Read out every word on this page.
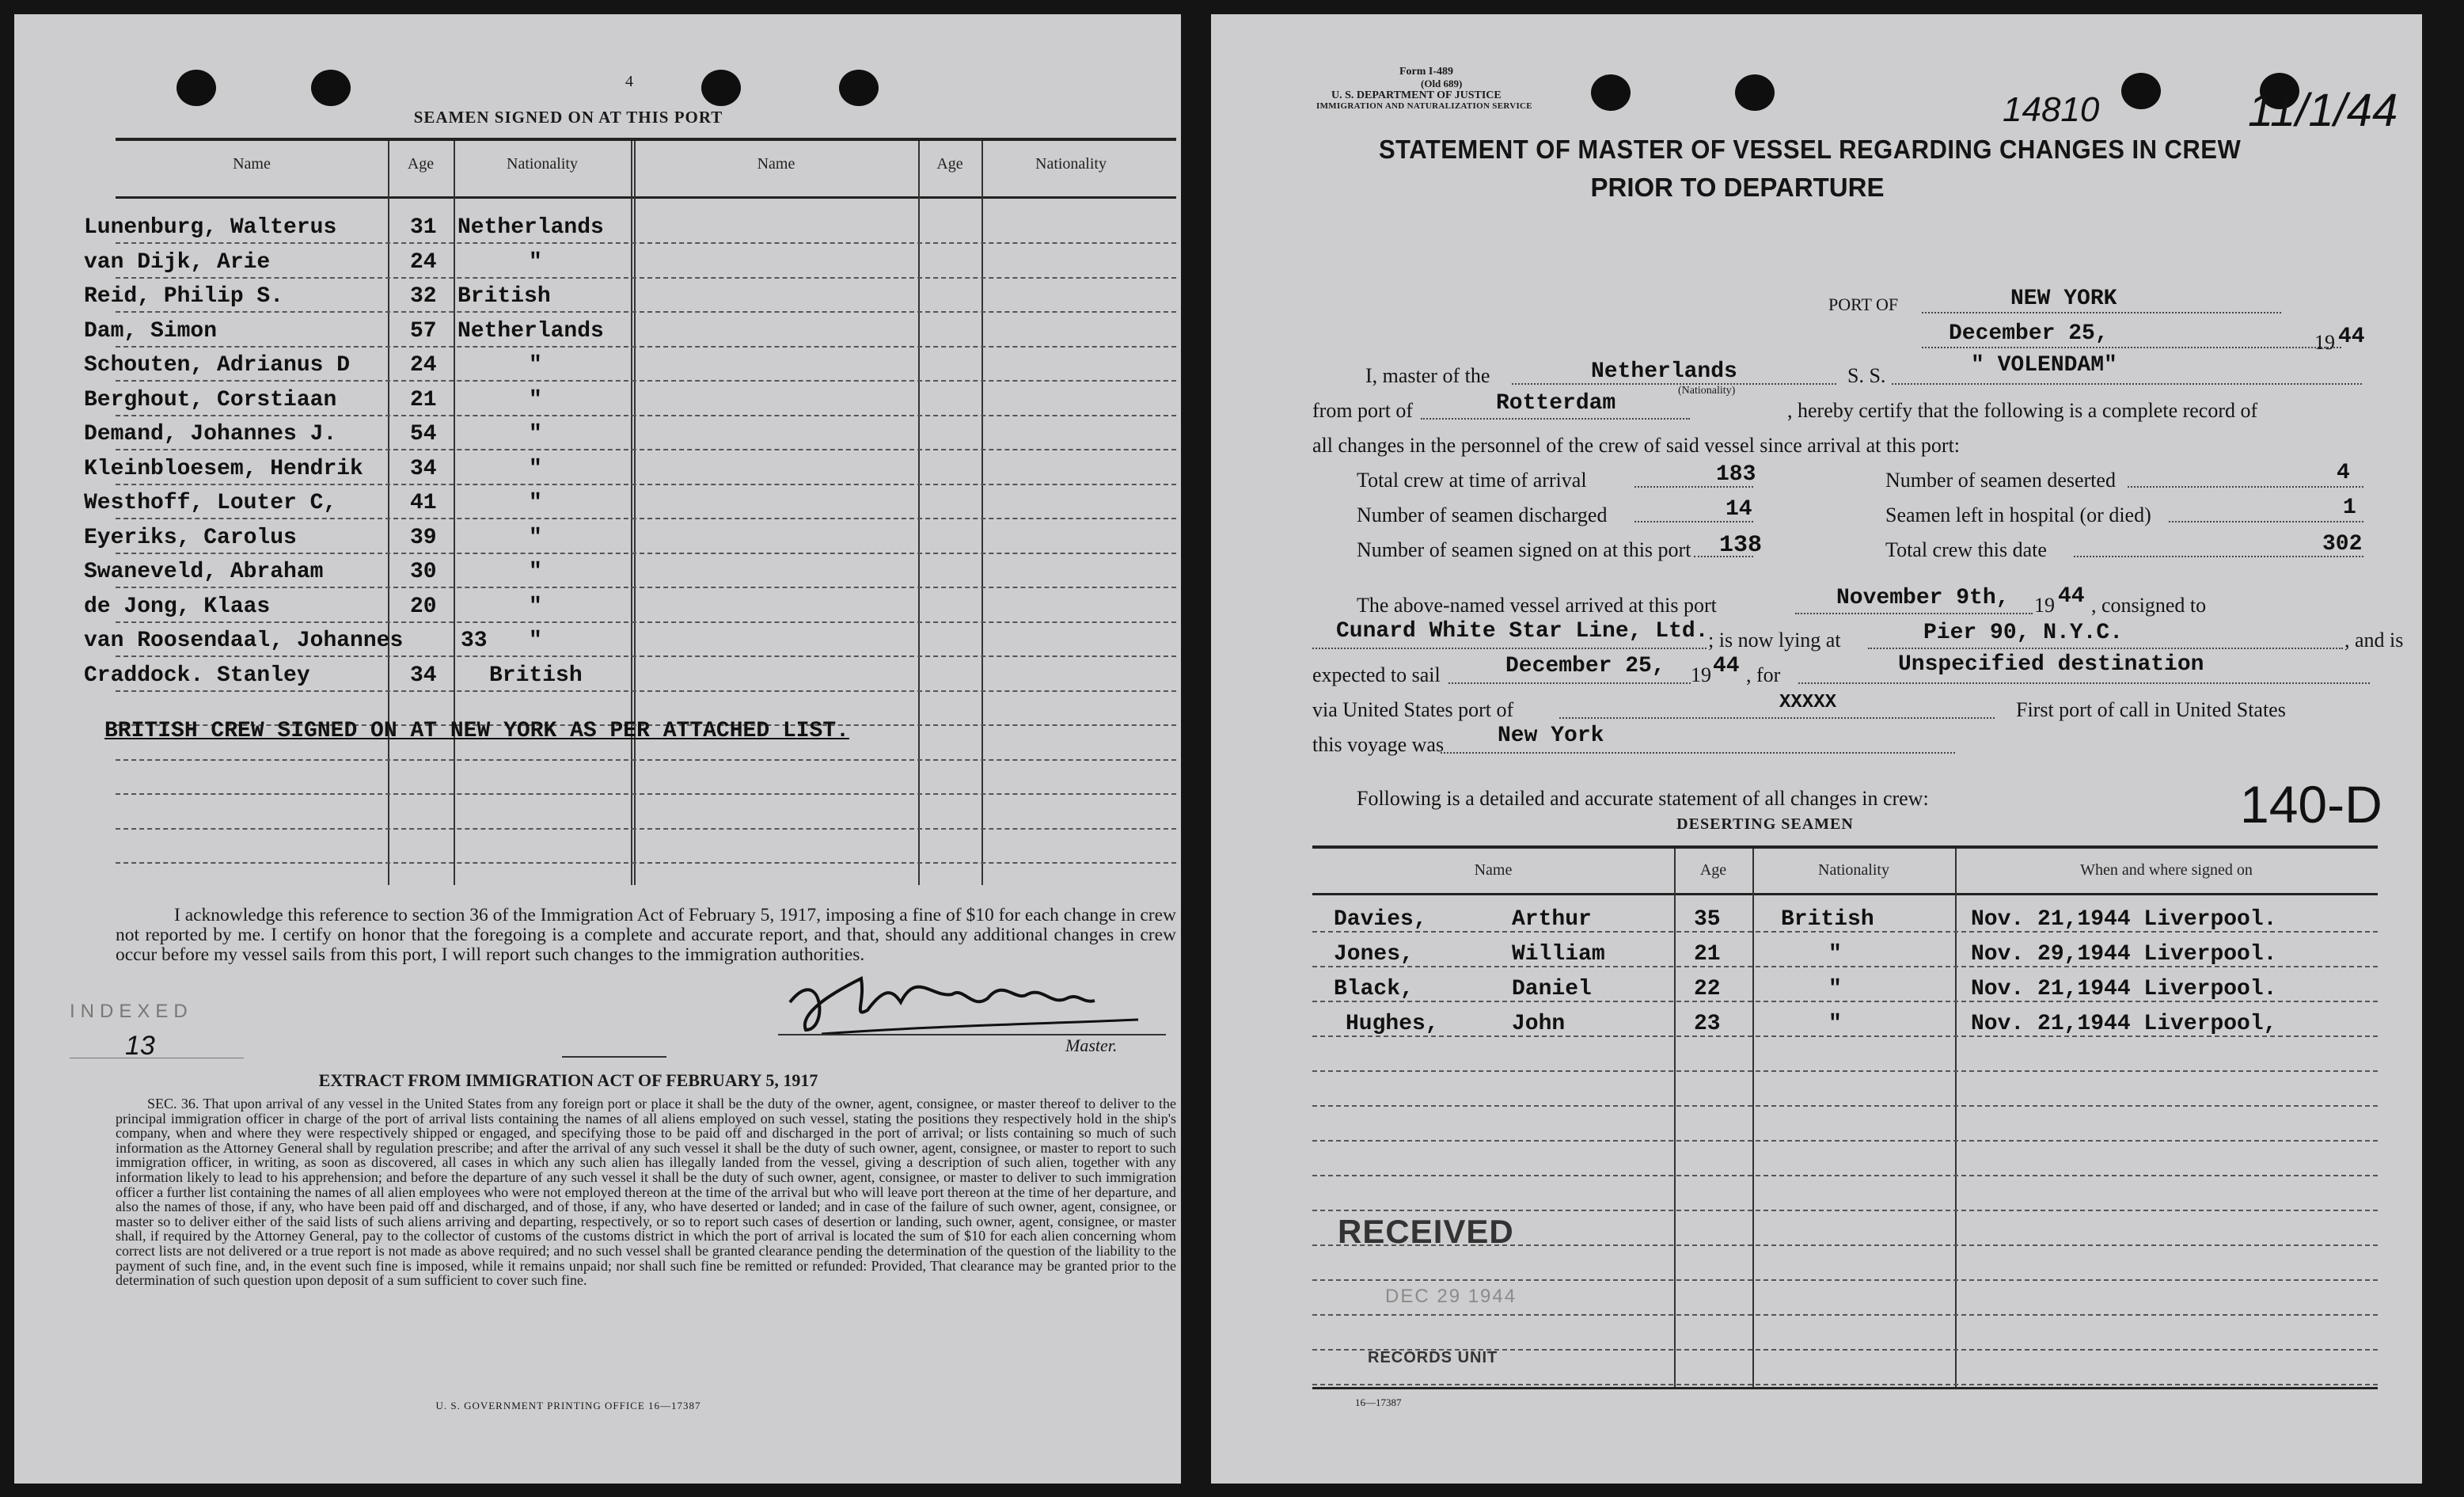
4
SEAMEN SIGNED ON AT THIS PORT
Name	Age	Nationality	Name	Age	Nationality
Lunenburg, Walterus	31 Netherlands
van Dijk, Arie	24	"
Reid, Philip S.	32 British
Dam, Simon	57 Netherlands
Schouten, Adrianus D	24	"
Berghout, Corstiaan	21	"
Demand, Johannes J.	54	"
Kleinbloesem, Hendrik 34	"
Westhoff, Louter C,	41	"
Eyeriks, Carolus	39	"
Swaneveld, Abraham	30	"
de Jong, Klaas	20	"
van Roosendaal, Johannes	33 "
Craddock. Stanley	34 British
BRITISH CREW SIGNED ON AT NEW YORK AS PER ATTACHED LIST.
I acknowledge this reference to section 36 of the Immigration Act of February 5, 1917, imposing a fine of $10 for each change in crew not reported by me. I certify on honor that the foregoing is a complete and accurate report, and that, should any additional changes in crew occur before my vessel sails from this port, I will report such changes to the immigration authorities.
INDEXED
13	Master.
EXTRACT FROM IMMIGRATION ACT OF FEBRUARY 5, 1917
SEC. 36. That upon arrival of any vessel in the United States from any foreign port or place it shall be the duty of the owner, agent, consignee, or master thereof to deliver to the principal immigration officer in charge of the port of arrival lists containing the names of all aliens employed on such vessel, stating the positions they respectively hold in the ship's company, when and where they were respectively shipped or engaged, and specifying those to be paid off and discharged in the port of arrival; or lists containing so much of such information as the Attorney General shall by regulation prescribe; and after the arrival of any such vessel it shall be the duty of such owner, agent, consignee, or master to report to such immigration officer, in writing, as soon as discovered, all cases in which any such alien has illegally landed from the vessel, giving a description of such alien, together with any information likely to lead to his apprehension; and before the departure of any such vessel it shall be the duty of such owner, agent, consignee, or master to deliver to such immigration officer a further list containing the names of all alien employees who were not employed thereon at the time of the arrival but who will leave port thereon at the time of her departure, and also the names of those, if any, who have been paid off and discharged, and of those, if any, who have deserted or landed; and in case of the failure of such owner, agent, consignee, or master so to deliver either of the said lists of such aliens arriving and departing, respectively, or so to report such cases of desertion or landing, such owner, agent, consignee, or master shall, if required by the Attorney General, pay to the collector of customs of the customs district in which the port of arrival is located the sum of $10 for each alien concerning whom correct lists are not delivered or a true report is not made as above required; and no such vessel shall be granted clearance pending the determination of the question of the liability to the payment of such fine, and, in the event such fine is imposed, while it remains unpaid; nor shall such fine be remitted or refunded: Provided, That clearance may be granted prior to the determination of such question upon deposit of a sum sufficient to cover such fine.
U. S. GOVERNMENT PRINTING OFFICE 16—17387
Form I-489
(Old 689)
U. S. DEPARTMENT OF JUSTICE
IMMIGRATION AND NATURALIZATION SERVICE	14810	11/1/44
STATEMENT OF MASTER OF VESSEL REGARDING CHANGES IN CREW
PRIOR TO DEPARTURE
PORT OF	NEW YORK
December 25,	19 44
I, master of the	Netherlands
(Nationality)
S. S.	" VOLENDAM"
from port of	Rotterdam	, hereby certify that the following is a complete record of
all changes in the personnel of the crew of said vessel since arrival at this port:
Total crew at time of arrival	183
Number of seamen discharged	14
Number of seamen signed on at this port 138
Number of seamen deserted	4
Seamen left in hospital (or died)	1
Total crew this date	302
The above-named vessel arrived at this port	November 9th, 19 44 , consigned to
Cunard White Star Line, Ltd. ; is now lying at	Pier 90, N.Y.C.	, and is
expected to sail	December 25, 19 44 , for	Unspecified destination
via United States port of	XXXXX	First port of call in United States
this voyage was New York
Following is a detailed and accurate statement of all changes in crew:	140-D
DESERTING SEAMEN
Name	Age	Nationality	When and where signed on
Davies,	Arthur	35	British	Nov. 21,1944 Liverpool.
Jones,	William	21	"	Nov. 29,1944 Liverpool.
Black,	Daniel	22	"	Nov. 21,1944 Liverpool.
Hughes,	John	23	"	Nov. 21,1944 Liverpool,
RECEIVED
DEC 29 1944
RECORDS UNIT
16—17387
